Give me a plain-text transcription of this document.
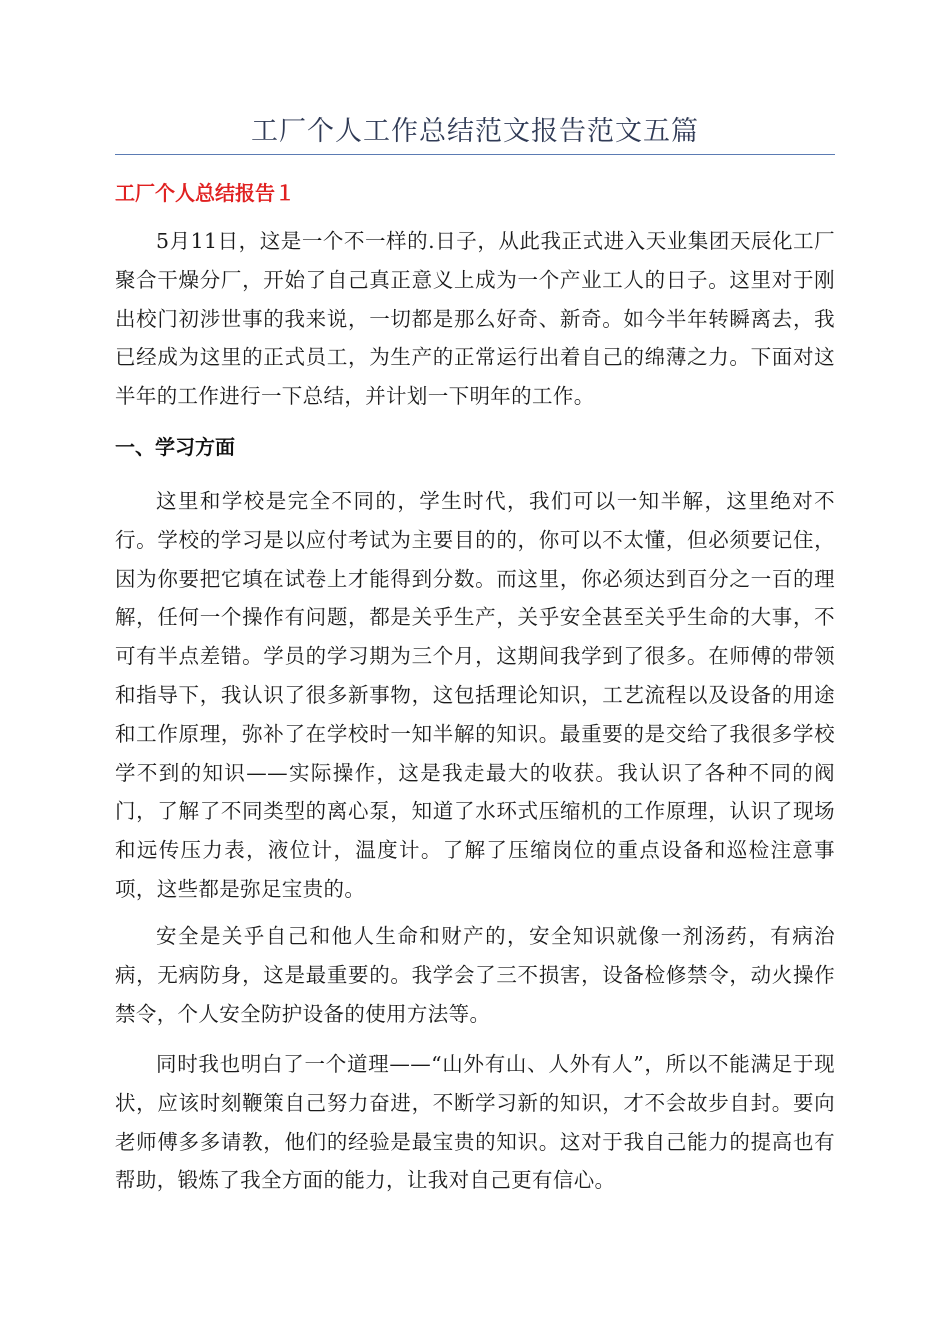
工厂个人工作总结范文报告范文五篇
工厂个人总结报告１

5月11日，这是一个不一样的.日子，从此我正式进入天业集团天辰化工厂聚合干燥分厂，开始了自己真正意义上成为一个产业工人的日子。这里对于刚出校门初涉世事的我来说，一切都是那么好奇、新奇。如今半年转瞬离去，我已经成为这里的正式员工，为生产的正常运行出着自己的绵薄之力。下面对这半年的工作进行一下总结，并计划一下明年的工作。

一、学习方面

这里和学校是完全不同的，学生时代，我们可以一知半解，这里绝对不行。学校的学习是以应付考试为主要目的的，你可以不太懂，但必须要记住，因为你要把它填在试卷上才能得到分数。而这里，你必须达到百分之一百的理解，任何一个操作有问题，都是关乎生产，关乎安全甚至关乎生命的大事，不可有半点差错。学员的学习期为三个月，这期间我学到了很多。在师傅的带领和指导下，我认识了很多新事物，这包括理论知识，工艺流程以及设备的用途和工作原理，弥补了在学校时一知半解的知识。最重要的是交给了我很多学校学不到的知识——实际操作，这是我走最大的收获。我认识了各种不同的阀门，了解了不同类型的离心泵，知道了水环式压缩机的工作原理，认识了现场和远传压力表，液位计，温度计。了解了压缩岗位的重点设备和巡检注意事项，这些都是弥足宝贵的。

安全是关乎自己和他人生命和财产的，安全知识就像一剂汤药，有病治病，无病防身，这是最重要的。我学会了三不损害，设备检修禁令，动火操作禁令，个人安全防护设备的使用方法等。

同时我也明白了一个道理——“山外有山、人外有人”，所以不能满足于现状，应该时刻鞭策自己努力奋进，不断学习新的知识，才不会故步自封。要向老师傅多多请教，他们的经验是最宝贵的知识。这对于我自己能力的提高也有帮助，锻炼了我全方面的能力，让我对自己更有信心。
